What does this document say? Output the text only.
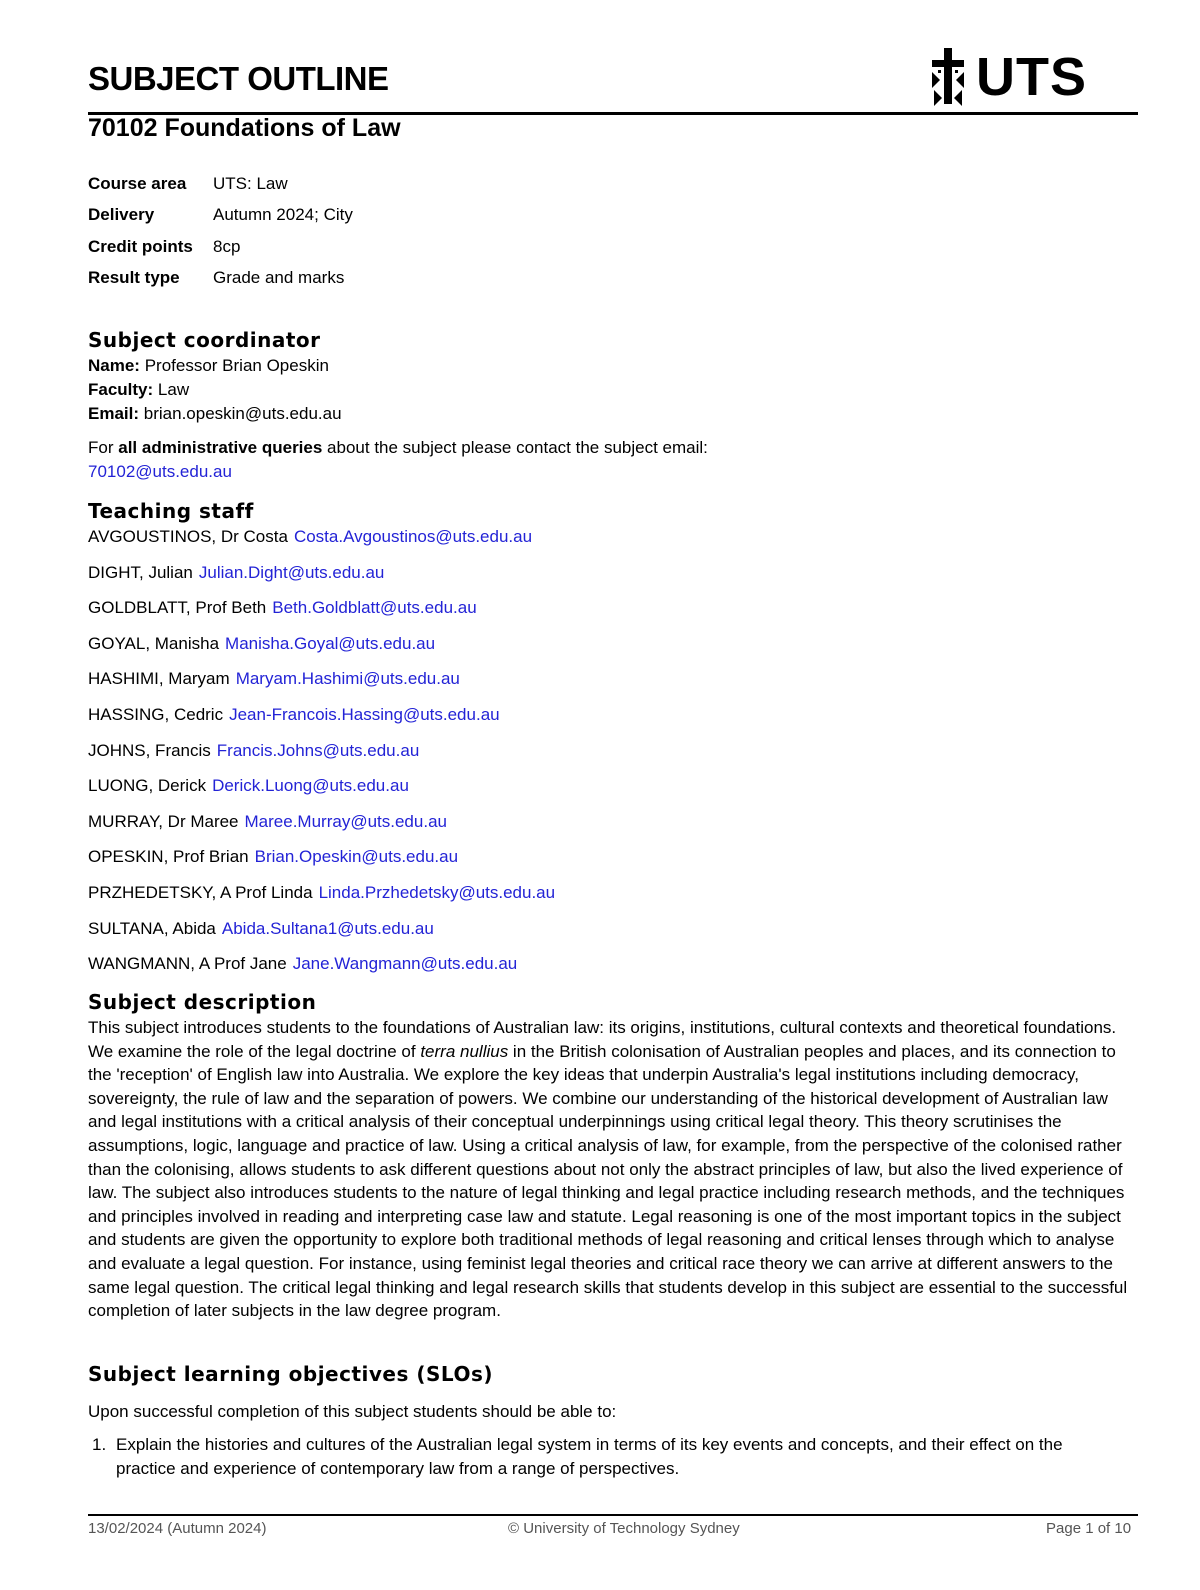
SUBJECT OUTLINE	UTS
70102 Foundations of Law
Course area	UTS: Law
Delivery	Autumn 2024; City
Credit points	8cp
Result type	Grade and marks
Subject coordinator
Name: Professor Brian Opeskin
Faculty: Law
Email: brian.opeskin@uts.edu.au
For all administrative queries about the subject please contact the subject email:
70102@uts.edu.au
Teaching staff
AVGOUSTINOS, Dr Costa Costa.Avgoustinos@uts.edu.au
DIGHT, Julian Julian.Dight@uts.edu.au
GOLDBLATT, Prof Beth Beth.Goldblatt@uts.edu.au
GOYAL, Manisha Manisha.Goyal@uts.edu.au
HASHIMI, Maryam Maryam.Hashimi@uts.edu.au
HASSING, Cedric Jean-Francois.Hassing@uts.edu.au
JOHNS, Francis Francis.Johns@uts.edu.au
LUONG, Derick Derick.Luong@uts.edu.au
MURRAY, Dr Maree Maree.Murray@uts.edu.au
OPESKIN, Prof Brian Brian.Opeskin@uts.edu.au
PRZHEDETSKY, A Prof Linda Linda.Przhedetsky@uts.edu.au
SULTANA, Abida Abida.Sultana1@uts.edu.au
WANGMANN, A Prof Jane Jane.Wangmann@uts.edu.au
Subject description
This subject introduces students to the foundations of Australian law: its origins, institutions, cultural contexts and theoretical foundations. We examine the role of the legal doctrine of terra nullius in the British colonisation of Australian peoples and places, and its connection to the 'reception' of English law into Australia. We explore the key ideas that underpin Australia's legal institutions including democracy, sovereignty, the rule of law and the separation of powers. We combine our understanding of the historical development of Australian law and legal institutions with a critical analysis of their conceptual underpinnings using critical legal theory. This theory scrutinises the assumptions, logic, language and practice of law. Using a critical analysis of law, for example, from the perspective of the colonised rather than the colonising, allows students to ask different questions about not only the abstract principles of law, but also the lived experience of law. The subject also introduces students to the nature of legal thinking and legal practice including research methods, and the techniques and principles involved in reading and interpreting case law and statute. Legal reasoning is one of the most important topics in the subject and students are given the opportunity to explore both traditional methods of legal reasoning and critical lenses through which to analyse and evaluate a legal question. For instance, using feminist legal theories and critical race theory we can arrive at different answers to the same legal question. The critical legal thinking and legal research skills that students develop in this subject are essential to the successful completion of later subjects in the law degree program.
Subject learning objectives (SLOs)
Upon successful completion of this subject students should be able to:
1. Explain the histories and cultures of the Australian legal system in terms of its key events and concepts, and their effect on the practice and experience of contemporary law from a range of perspectives.
13/02/2024 (Autumn 2024)	© University of Technology Sydney	Page 1 of 10
